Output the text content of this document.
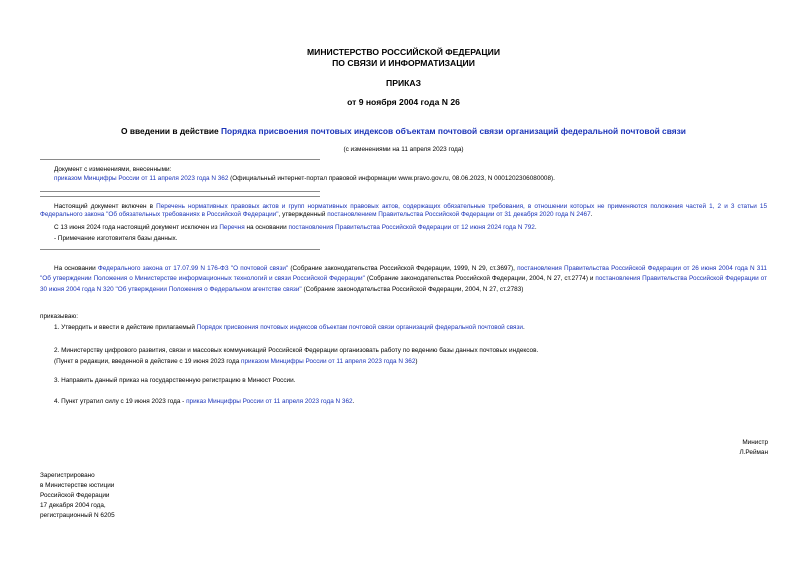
МИНИСТЕРСТВО РОССИЙСКОЙ ФЕДЕРАЦИИ
ПО СВЯЗИ И ИНФОРМАТИЗАЦИИ
ПРИКАЗ
от 9 ноября 2004 года N 26
О введении в действие Порядка присвоения почтовых индексов объектам почтовой связи организаций федеральной почтовой связи
(с изменениями на 11 апреля 2023 года)
Документ с изменениями, внесенными:
приказом Минцифры России от 11 апреля 2023 года N 362 (Официальный интернет-портал правовой информации www.pravo.gov.ru, 08.06.2023, N 0001202306080008).
Настоящий документ включен в Перечень нормативных правовых актов и групп нормативных правовых актов, содержащих обязательные требования, в отношении которых не применяются положения частей 1, 2 и 3 статьи 15 Федерального закона "Об обязательных требованиях в Российской Федерации", утвержденный постановлением Правительства Российской Федерации от 31 декабря 2020 года N 2467.
С 13 июня 2024 года настоящий документ исключен из Перечня на основании постановления Правительства Российской Федерации от 12 июня 2024 года N 792.
- Примечание изготовителя базы данных.
На основании Федерального закона от 17.07.99 N 176-ФЗ "О почтовой связи" (Собрание законодательства Российской Федерации, 1999, N 29, ст.3697), постановления Правительства Российской Федерации от 26 июня 2004 года N 311 "Об утверждении Положения о Министерстве информационных технологий и связи Российской Федерации" (Собрание законодательства Российской Федерации, 2004, N 27, ст.2774) и постановления Правительства Российской Федерации от 30 июня 2004 года N 320 "Об утверждении Положения о Федеральном агентстве связи" (Собрание законодательства Российской Федерации, 2004, N 27, ст.2783)
приказываю:
1. Утвердить и ввести в действие прилагаемый Порядок присвоения почтовых индексов объектам почтовой связи организаций федеральной почтовой связи.
2. Министерству цифрового развития, связи и массовых коммуникаций Российской Федерации организовать работу по ведению базы данных почтовых индексов.
(Пункт в редакции, введенной в действие с 19 июня 2023 года приказом Минцифры России от 11 апреля 2023 года N 362)
3. Направить данный приказ на государственную регистрацию в Минюст России.
4. Пункт утратил силу с 19 июня 2023 года - приказ Минцифры России от 11 апреля 2023 года N 362.
Министр
Л.Рейман
Зарегистрировано
в Министерстве юстиции
Российской Федерации
17 декабря 2004 года,
регистрационный N 6205
